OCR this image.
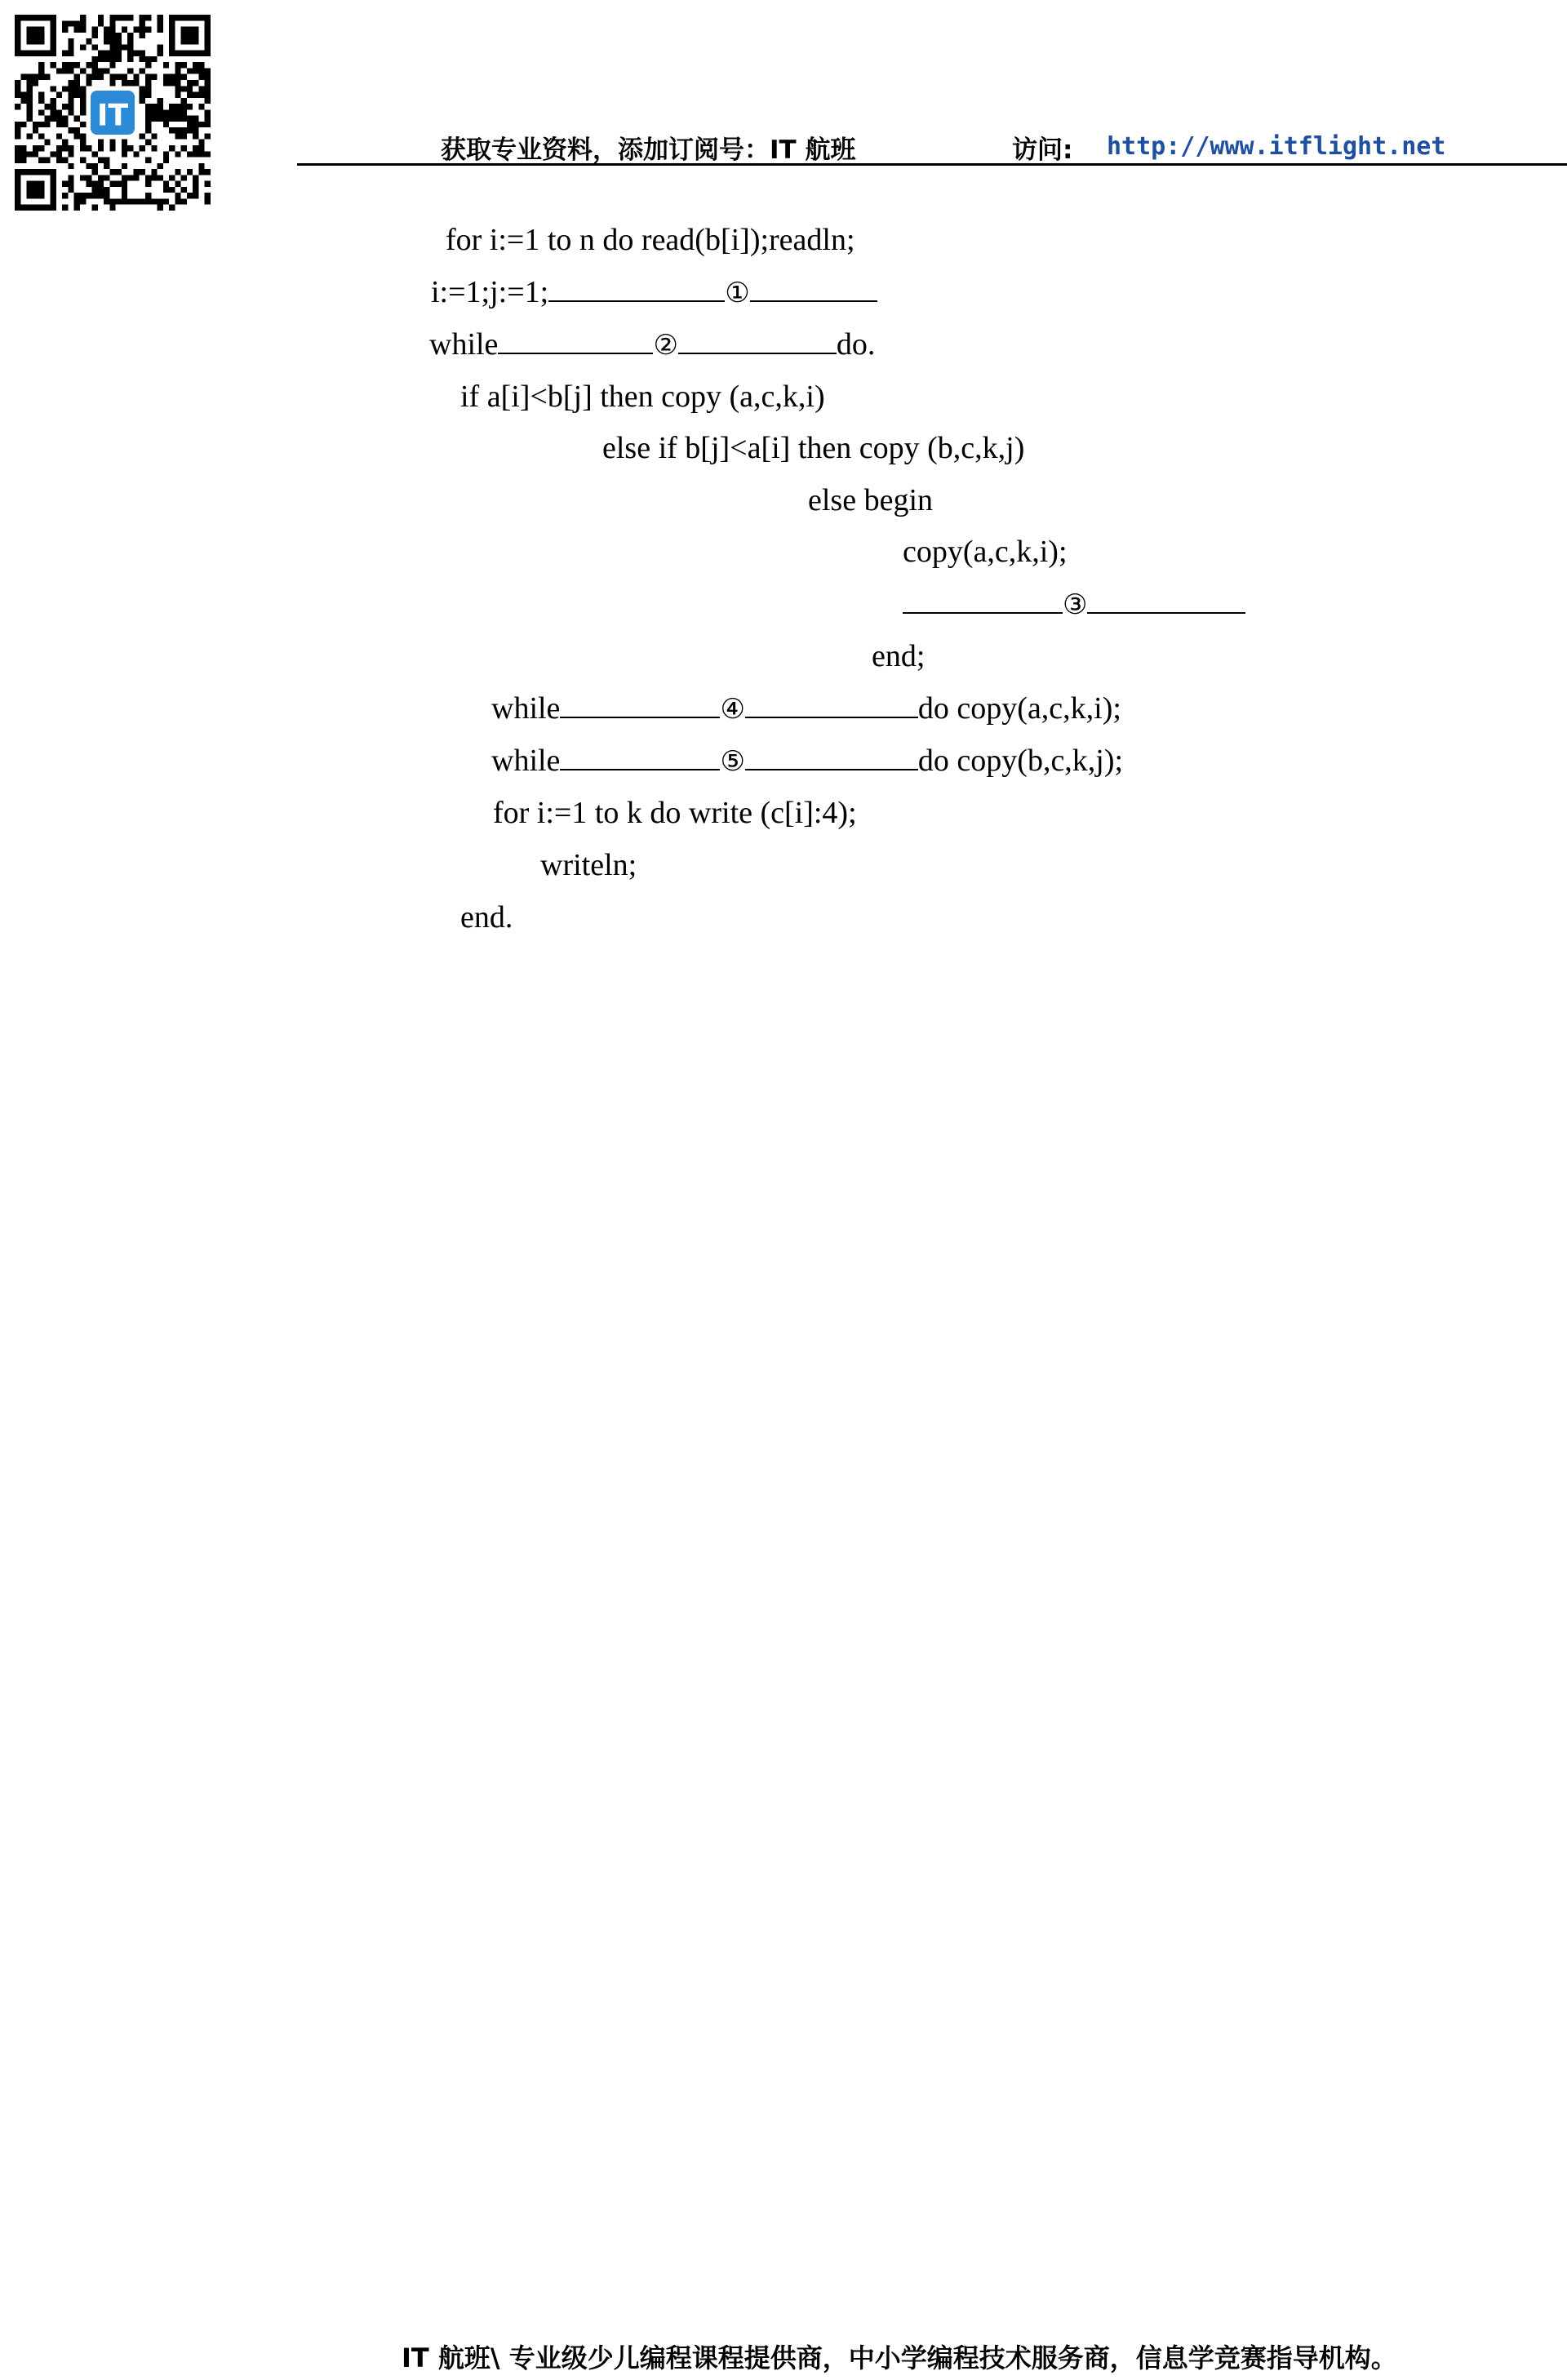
IT
获取专业资料，添加订阅号：IT 航班	访问: http://www.itflight.net
for i:=1 to n do read(b[i]);readln;
i:=1;j:=1;	①
while	②	do.
if a[i]<b[j] then copy (a,c,k,i)
else if b[j]<a[i] then copy (b,c,k,j)
else begin
copy(a,c,k,i);
③
end;
while	④	do copy(a,c,k,i);
while	⑤	do copy(b,c,k,j);
for i:=1 to k do write (c[i]:4);
writeln;
end.
IT 航班\ 专业级少儿编程课程提供商，中小学编程技术服务商，信息学竞赛指导机构。
